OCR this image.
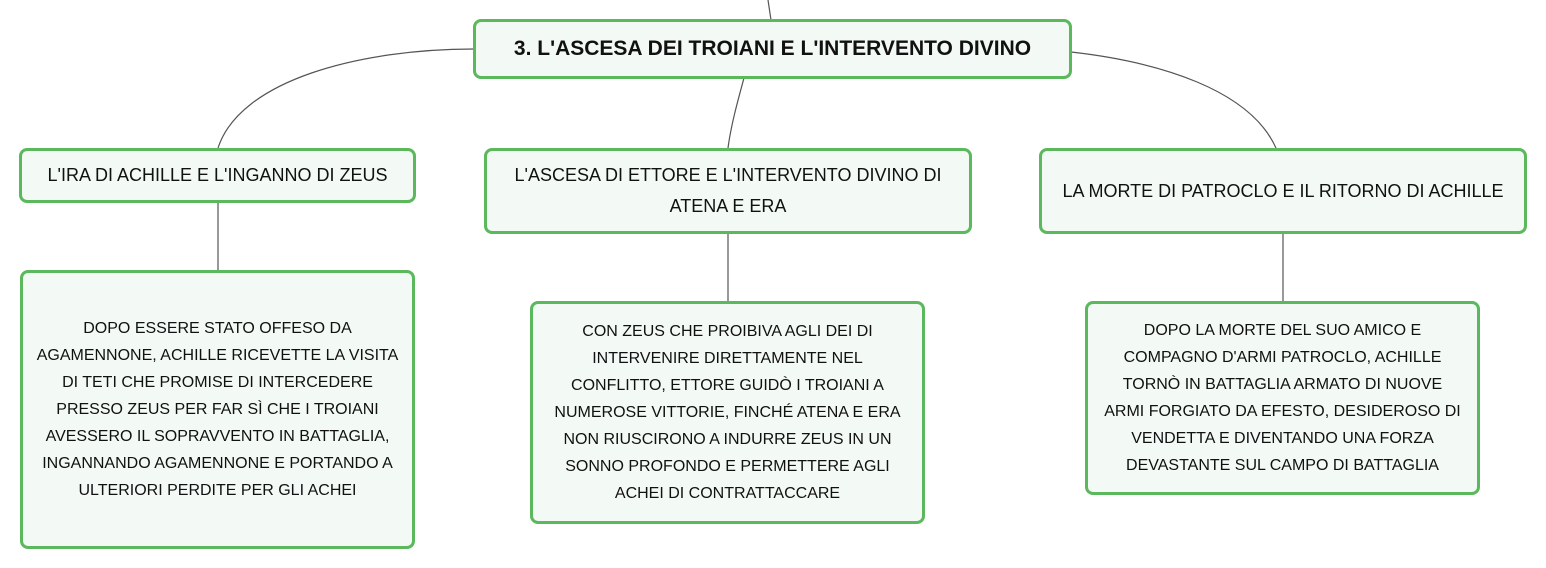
3. L'ASCESA DEI TROIANI E L'INTERVENTO DIVINO
L'IRA DI ACHILLE E L'INGANNO DI ZEUS	L'ASCESA DI ETTORE E L'INTERVENTO DIVINO DI ATENA E ERA
LA MORTE DI PATROCLO E IL RITORNO DI ACHILLE
DOPO ESSERE STATO OFFESO DA AGAMENNONE, ACHILLE RICEVETTE LA VISITA DI TETI CHE PROMISE DI INTERCEDERE PRESSO ZEUS PER FAR SÌ CHE I TROIANI AVESSERO IL SOPRAVVENTO IN BATTAGLIA, INGANNANDO AGAMENNONE E PORTANDO A ULTERIORI PERDITE PER GLI ACHEI
CON ZEUS CHE PROIBIVA AGLI DEI DI INTERVENIRE DIRETTAMENTE NEL CONFLITTO, ETTORE GUIDÒ I TROIANI A NUMEROSE VITTORIE, FINCHÉ ATENA E ERA NON RIUSCIRONO A INDURRE ZEUS IN UN SONNO PROFONDO E PERMETTERE AGLI ACHEI DI CONTRATTACCARE
DOPO LA MORTE DEL SUO AMICO E COMPAGNO D'ARMI PATROCLO, ACHILLE TORNÒ IN BATTAGLIA ARMATO DI NUOVE ARMI FORGIATO DA EFESTO, DESIDEROSO DI VENDETTA E DIVENTANDO UNA FORZA DEVASTANTE SUL CAMPO DI BATTAGLIA
